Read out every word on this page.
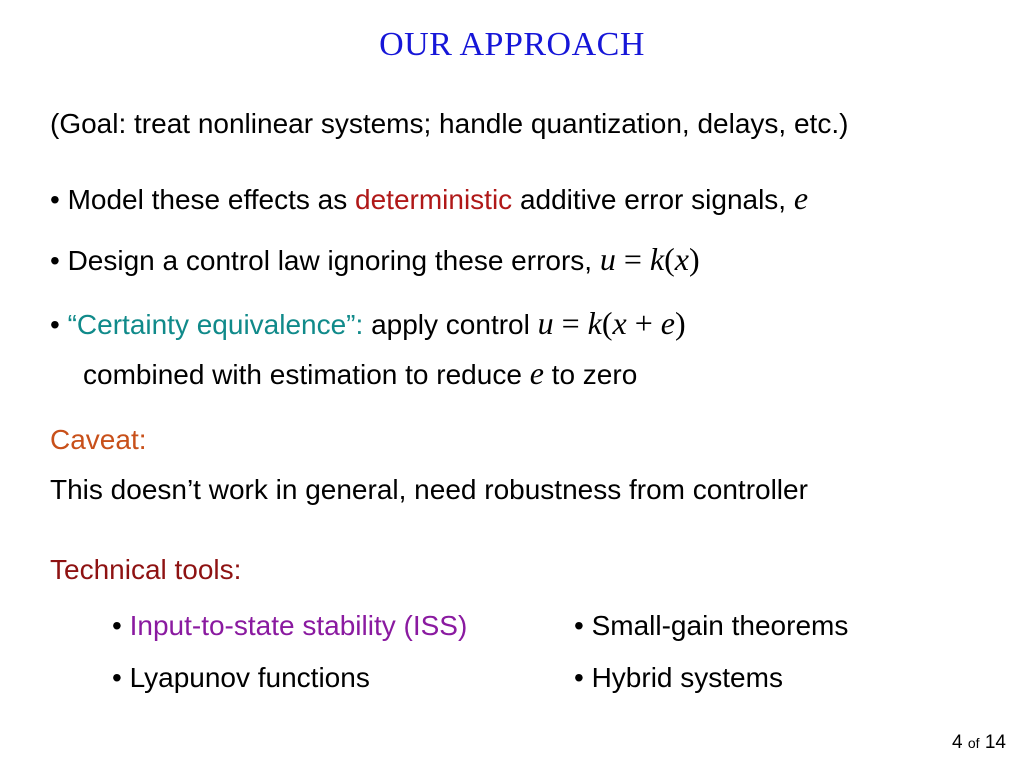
OUR APPROACH
(Goal: treat nonlinear systems; handle quantization, delays, etc.)
• Model these effects as deterministic additive error signals, e
• Design a control law ignoring these errors, u = k(x)
• “Certainty equivalence”: apply control u = k(x + e)
combined with estimation to reduce e to zero
Caveat:
This doesn’t work in general, need robustness from controller
Technical tools:
• Input-to-state stability (ISS)
• Lyapunov functions
• Small-gain theorems
• Hybrid systems
4 of 14
